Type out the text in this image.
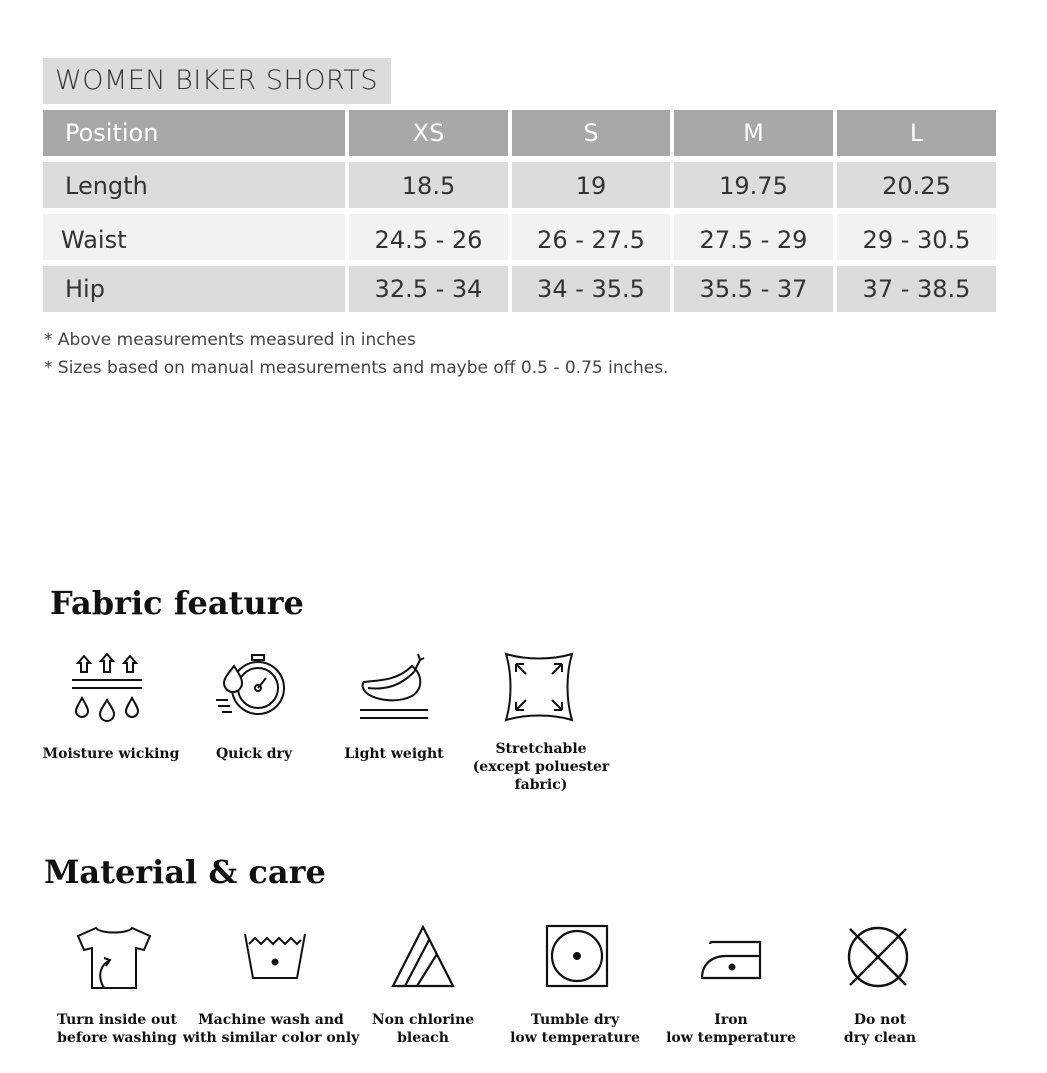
WOMEN BIKER SHORTS
Position	XS	S	M	L
Length	18.5	19	19.75	20.25
Waist	24.5 - 26	26 - 27.5	27.5 - 29	29 - 30.5
Hip	32.5 - 34	34 - 35.5	35.5 - 37	37 - 38.5
* Above measurements measured in inches
* Sizes based on manual measurements and maybe off 0.5 - 0.75 inches.
Fabric feature
Moisture wicking	Quick dry	Light weight	Stretchable
(except poluester fabric)
Material & care
Turn inside out
before washing
Machine wash and
with similar color only
Non chlorine
bleach
Tumble dry
low temperature
Iron
low temperature
Do not
dry clean
